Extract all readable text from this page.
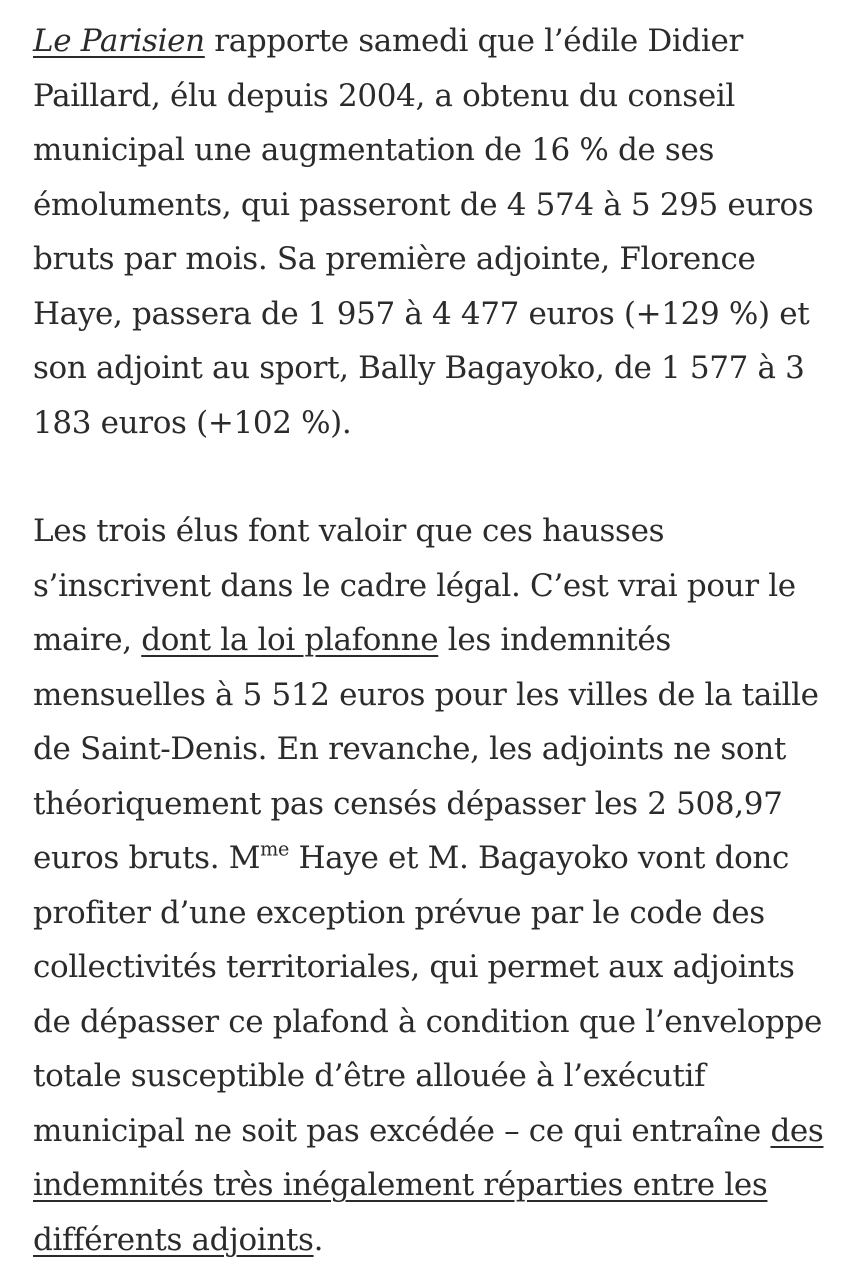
Le Parisien rapporte samedi que l’édile Didier Paillard, élu depuis 2004, a obtenu du conseil municipal une augmentation de 16 % de ses émoluments, qui passeront de 4 574 à 5 295 euros bruts par mois. Sa première adjointe, Florence Haye, passera de 1 957 à 4 477 euros (+129 %) et son adjoint au sport, Bally Bagayoko, de 1 577 à 3 183 euros (+102 %).

Les trois élus font valoir que ces hausses s’inscrivent dans le cadre légal. C’est vrai pour le maire, dont la loi plafonne les indemnités mensuelles à 5 512 euros pour les villes de la taille de Saint-Denis. En revanche, les adjoints ne sont théoriquement pas censés dépasser les 2 508,97 euros bruts. $M^{me}$ Haye et M. Bagayoko vont donc profiter d’une exception prévue par le code des collectivités territoriales, qui permet aux adjoints de dépasser ce plafond à condition que l’enveloppe totale susceptible d’être allouée à l’exécutif municipal ne soit pas excédée – ce qui entraîne des indemnités très inégalement réparties entre les différents adjoints.
